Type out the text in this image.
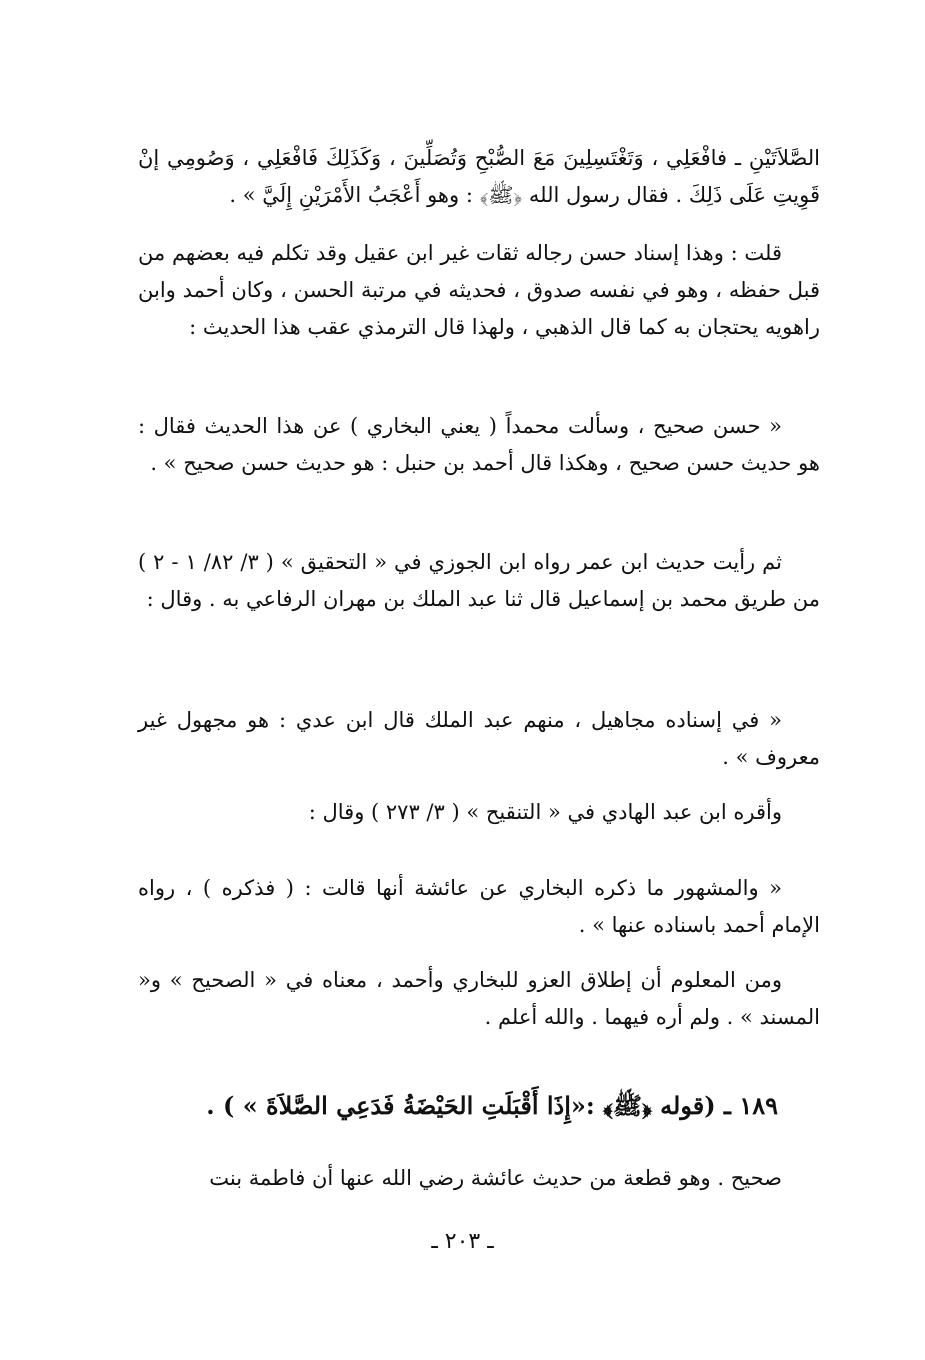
الصَّلاَتَيْنِ ـ فافْعَلِي ، وَتَغْتَسِلِينَ مَعَ الصُّبْحِ وَتُصَلِّينَ ، وَكَذَلِكَ فَافْعَلِي ، وَصُومِي إنْ قَوِيتِ عَلَى ذَلِكَ . فقال رسول الله ﴿ﷺ﴾ : وهو أَعْجَبُ الأَمْرَيْنِ إِلَيَّ » .

قلت : وهذا إسناد حسن رجاله ثقات غير ابن عقيل وقد تكلم فيه بعضهم من قبل حفظه ، وهو في نفسه صدوق ، فحديثه في مرتبة الحسن ، وكان أحمد وابن راهويه يحتجان به كما قال الذهبي ، ولهذا قال الترمذي عقب هذا الحديث :

« حسن صحيح ، وسألت محمداً ( يعني البخاري ) عن هذا الحديث فقال : هو حديث حسن صحيح ، وهكذا قال أحمد بن حنبل : هو حديث حسن صحيح » .

ثم رأيت حديث ابن عمر رواه ابن الجوزي في « التحقيق » ( ٣/ ٨٢/ ١ - ٢ ) من طريق محمد بن إسماعيل قال ثنا عبد الملك بن مهران الرفاعي به . وقال :

« في إسناده مجاهيل ، منهم عبد الملك قال ابن عدي : هو مجهول غير معروف » .

وأقره ابن عبد الهادي في « التنقيح » ( ٣/ ٢٧٣ ) وقال :

« والمشهور ما ذكره البخاري عن عائشة أنها قالت : ( فذكره ) ، رواه الإمام أحمد باسناده عنها » .

ومن المعلوم أن إطلاق العزو للبخاري وأحمد ، معناه في « الصحيح » و« المسند » . ولم أره فيهما . والله أعلم .

١٨٩ ـ (قوله ﴿ﷺ﴾ :«إِذَا أَقْبَلَتِ الحَيْضَةُ فَدَعِي الصَّلاَةَ » ) .

صحيح . وهو قطعة من حديث عائشة رضي الله عنها أن فاطمة بنت

ـ ٢٠٣ ـ
